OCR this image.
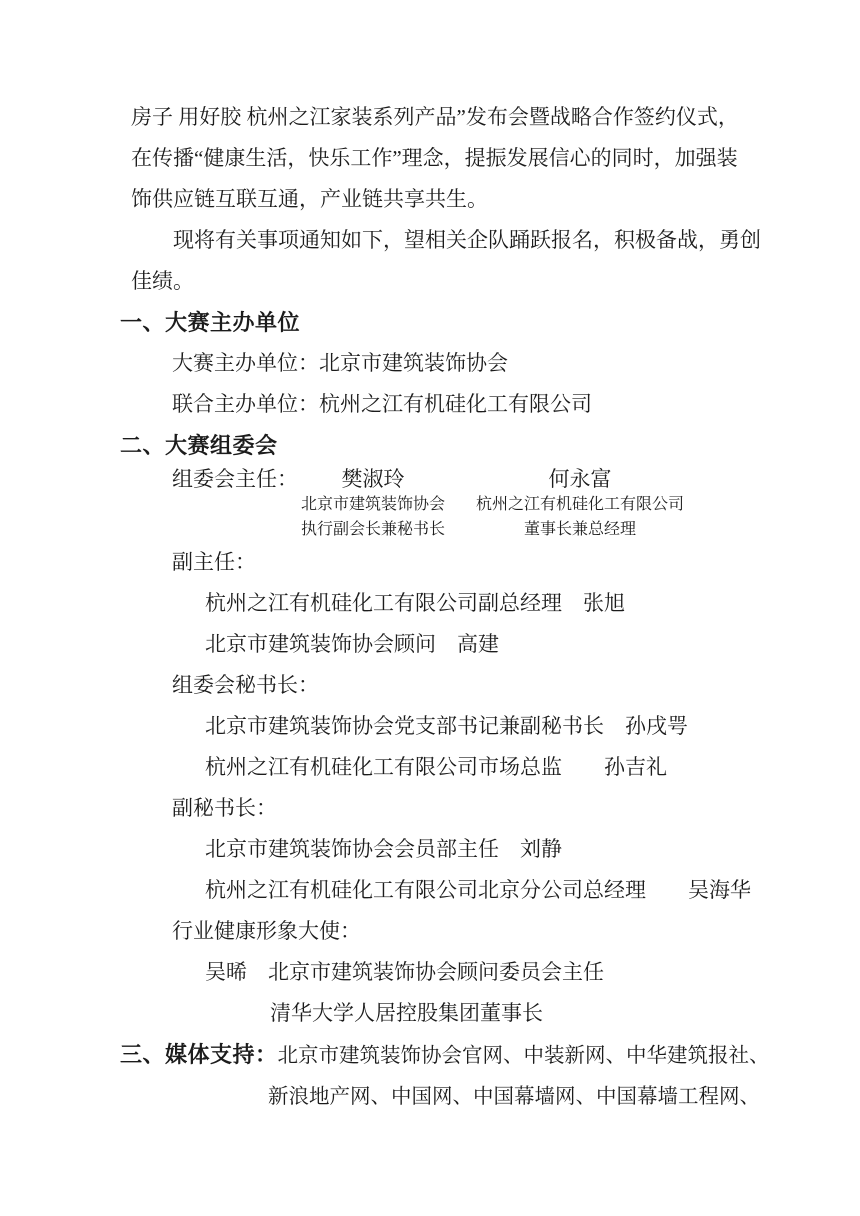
房子 用好胶 杭州之江家装系列产品”发布会暨战略合作签约仪式，
在传播“健康生活，快乐工作”理念，提振发展信心的同时，加强装
饰供应链互联互通，产业链共享共生。
现将有关事项通知如下，望相关企队踊跃报名，积极备战，勇创
佳绩。
一、大赛主办单位
大赛主办单位：北京市建筑装饰协会
联合主办单位：杭州之江有机硅化工有限公司
二、大赛组委会
组委会主任：	樊淑玲	何永富
北京市建筑装饰协会	杭州之江有机硅化工有限公司
执行副会长兼秘书长	董事长兼总经理
副主任：
杭州之江有机硅化工有限公司副总经理　张旭
北京市建筑装饰协会顾问　高建
组委会秘书长：
北京市建筑装饰协会党支部书记兼副秘书长　孙戌咢
杭州之江有机硅化工有限公司市场总监　　孙吉礼
副秘书长：
北京市建筑装饰协会会员部主任　刘静
杭州之江有机硅化工有限公司北京分公司总经理　　吴海华
行业健康形象大使：
吴晞　北京市建筑装饰协会顾问委员会主任
清华大学人居控股集团董事长
三、媒体支持： 北京市建筑装饰协会官网、中装新网、中华建筑报社、
新浪地产网、中国网、中国幕墙网、中国幕墙工程网、
